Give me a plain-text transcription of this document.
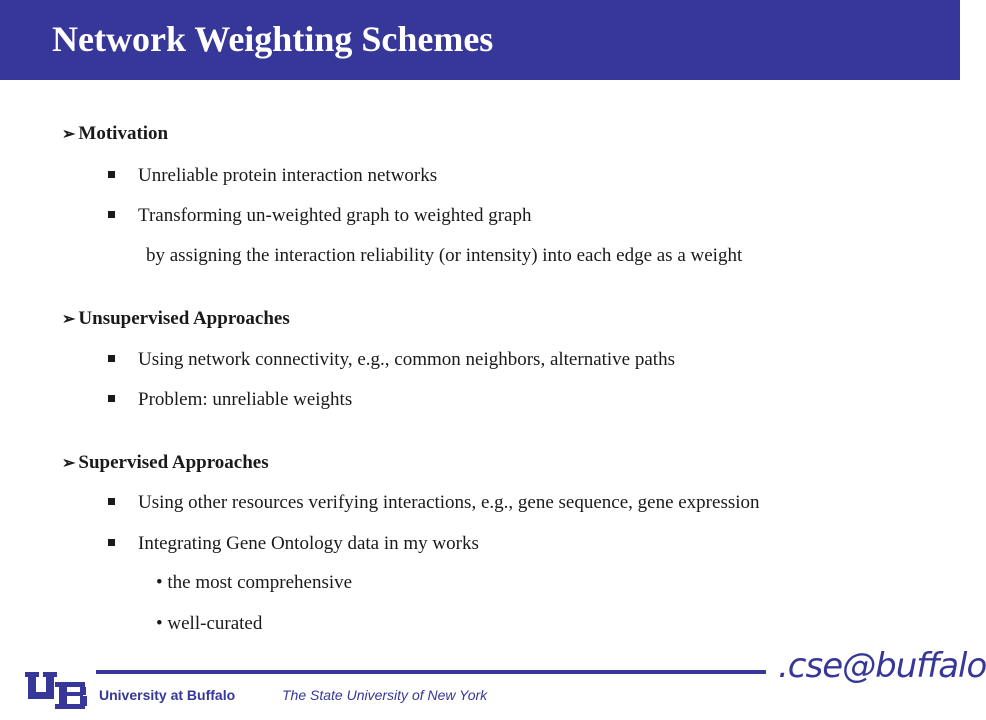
Network Weighting Schemes
➢ Motivation
Unreliable protein interaction networks
Transforming un-weighted graph to weighted graph
by assigning the interaction reliability (or intensity) into each edge as a weight
➢ Unsupervised Approaches
Using network connectivity, e.g., common neighbors, alternative paths
Problem: unreliable weights
➢ Supervised Approaches
Using other resources verifying interactions, e.g., gene sequence, gene expression
Integrating Gene Ontology data in my works
• the most comprehensive
• well-curated
University at Buffalo	The State University of New York
.cse@buffalo
